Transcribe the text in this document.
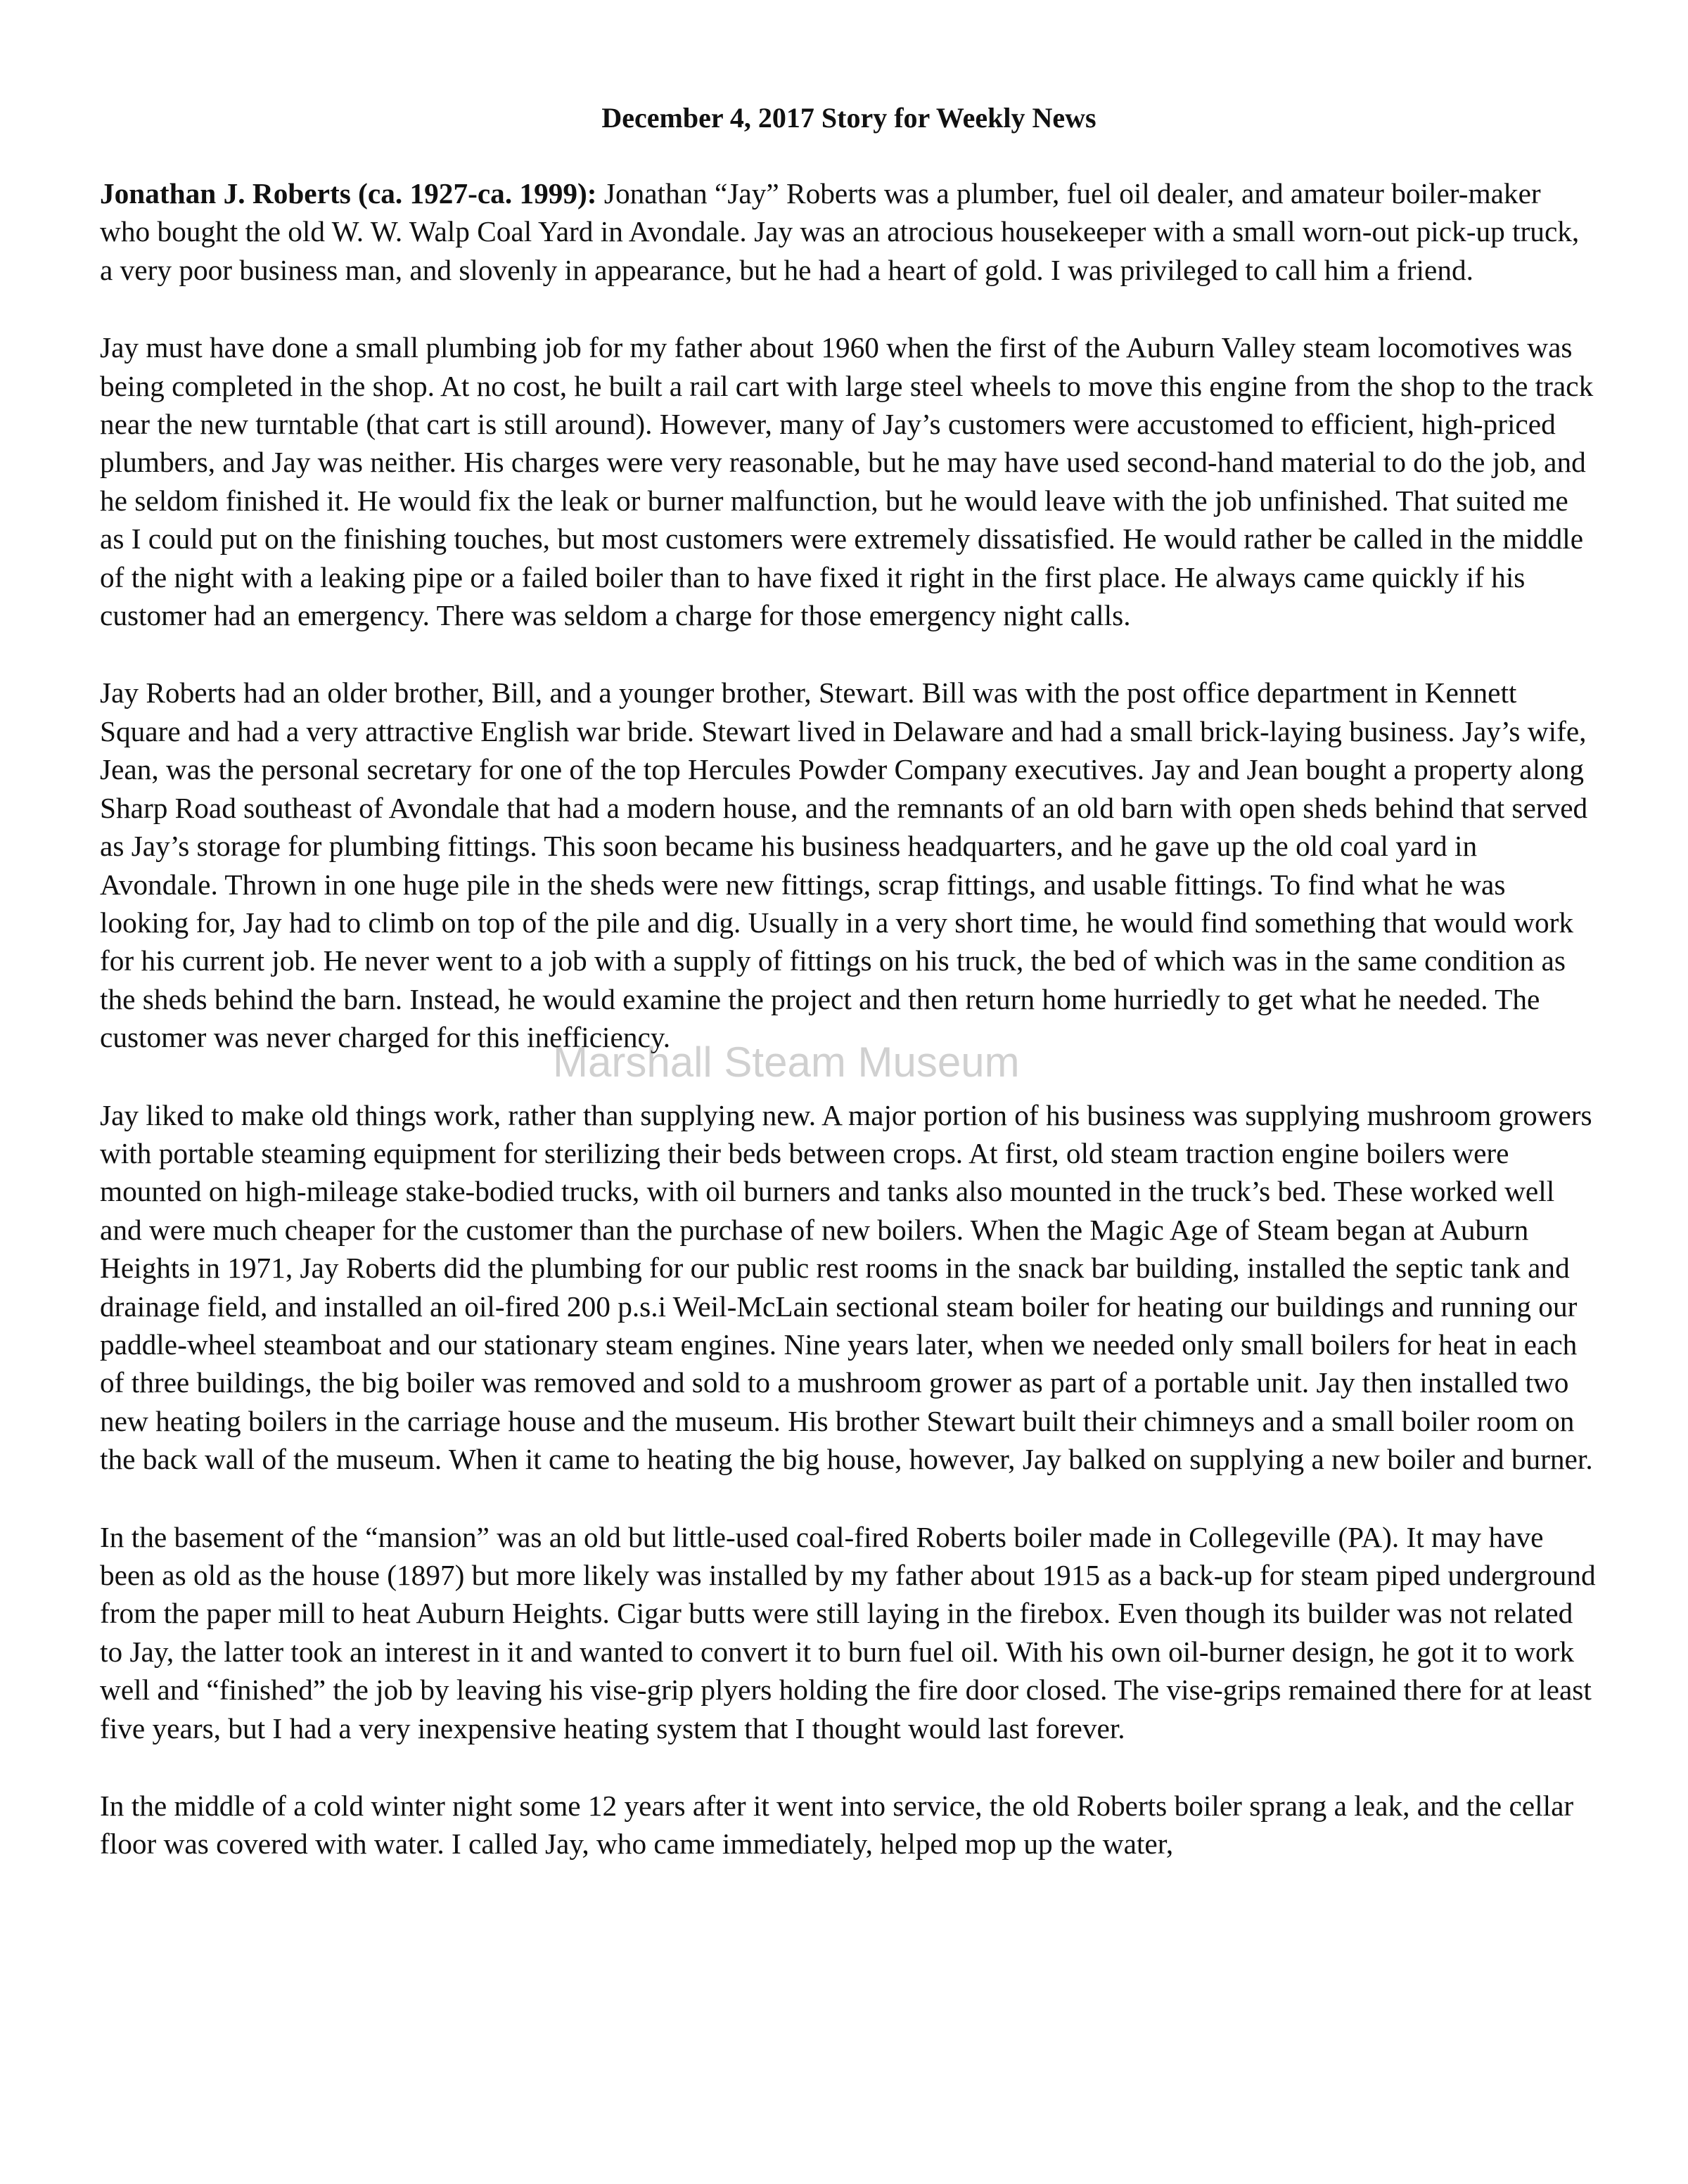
December 4, 2017 Story for Weekly News

Jonathan J. Roberts (ca. 1927-ca. 1999): Jonathan “Jay” Roberts was a plumber, fuel oil dealer, and amateur boiler-maker who bought the old W. W. Walp Coal Yard in Avondale. Jay was an atrocious housekeeper with a small worn-out pick-up truck, a very poor business man, and slovenly in appearance, but he had a heart of gold. I was privileged to call him a friend.

Jay must have done a small plumbing job for my father about 1960 when the first of the Auburn Valley steam locomotives was being completed in the shop. At no cost, he built a rail cart with large steel wheels to move this engine from the shop to the track near the new turntable (that cart is still around). However, many of Jay’s customers were accustomed to efficient, high-priced plumbers, and Jay was neither. His charges were very reasonable, but he may have used second-hand material to do the job, and he seldom finished it. He would fix the leak or burner malfunction, but he would leave with the job unfinished. That suited me as I could put on the finishing touches, but most customers were extremely dissatisfied. He would rather be called in the middle of the night with a leaking pipe or a failed boiler than to have fixed it right in the first place. He always came quickly if his customer had an emergency. There was seldom a charge for those emergency night calls.

Jay Roberts had an older brother, Bill, and a younger brother, Stewart. Bill was with the post office department in Kennett Square and had a very attractive English war bride. Stewart lived in Delaware and had a small brick-laying business. Jay’s wife, Jean, was the personal secretary for one of the top Hercules Powder Company executives. Jay and Jean bought a property along Sharp Road southeast of Avondale that had a modern house, and the remnants of an old barn with open sheds behind that served as Jay’s storage for plumbing fittings. This soon became his business headquarters, and he gave up the old coal yard in Avondale. Thrown in one huge pile in the sheds were new fittings, scrap fittings, and usable fittings. To find what he was looking for, Jay had to climb on top of the pile and dig. Usually in a very short time, he would find something that would work for his current job. He never went to a job with a supply of fittings on his truck, the bed of which was in the same condition as the sheds behind the barn. Instead, he would examine the project and then return home hurriedly to get what he needed. The customer was never charged for this inefficiency.

Jay liked to make old things work, rather than supplying new. A major portion of his business was supplying mushroom growers with portable steaming equipment for sterilizing their beds between crops. At first, old steam traction engine boilers were mounted on high-mileage stake-bodied trucks, with oil burners and tanks also mounted in the truck’s bed. These worked well and were much cheaper for the customer than the purchase of new boilers. When the Magic Age of Steam began at Auburn Heights in 1971, Jay Roberts did the plumbing for our public rest rooms in the snack bar building, installed the septic tank and drainage field, and installed an oil-fired 200 p.s.i Weil-McLain sectional steam boiler for heating our buildings and running our paddle-wheel steamboat and our stationary steam engines. Nine years later, when we needed only small boilers for heat in each of three buildings, the big boiler was removed and sold to a mushroom grower as part of a portable unit. Jay then installed two new heating boilers in the carriage house and the museum. His brother Stewart built their chimneys and a small boiler room on the back wall of the museum. When it came to heating the big house, however, Jay balked on supplying a new boiler and burner.

In the basement of the “mansion” was an old but little-used coal-fired Roberts boiler made in Collegeville (PA). It may have been as old as the house (1897) but more likely was installed by my father about 1915 as a back-up for steam piped underground from the paper mill to heat Auburn Heights. Cigar butts were still laying in the firebox. Even though its builder was not related to Jay, the latter took an interest in it and wanted to convert it to burn fuel oil. With his own oil-burner design, he got it to work well and “finished” the job by leaving his vise-grip plyers holding the fire door closed. The vise-grips remained there for at least five years, but I had a very inexpensive heating system that I thought would last forever.

In the middle of a cold winter night some 12 years after it went into service, the old Roberts boiler sprang a leak, and the cellar floor was covered with water. I called Jay, who came immediately, helped mop up the water,

Marshall Steam Museum
